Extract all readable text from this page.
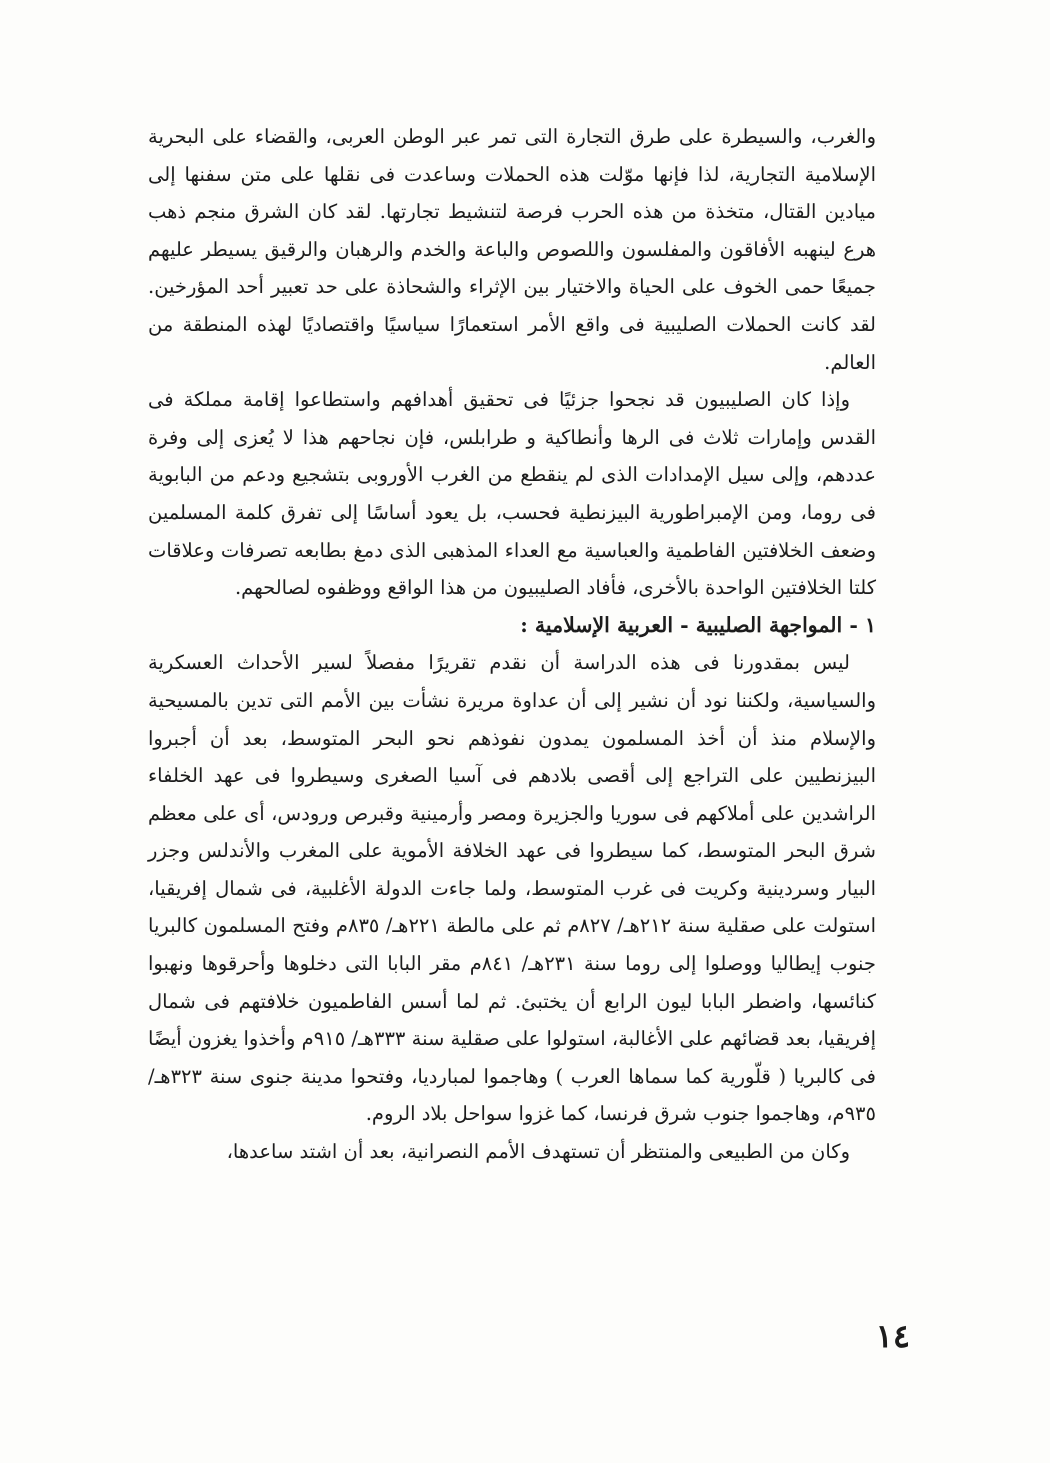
والغرب، والسيطرة على طرق التجارة التى تمر عبر الوطن العربى، والقضاء على البحرية الإسلامية التجارية، لذا فإنها موّلت هذه الحملات وساعدت فى نقلها على متن سفنها إلى ميادين القتال، متخذة من هذه الحرب فرصة لتنشيط تجارتها. لقد كان الشرق منجم ذهب هرع لينهبه الأفاقون والمفلسون واللصوص والباعة والخدم والرهبان والرقيق يسيطر عليهم جميعًا حمى الخوف على الحياة والاختيار بين الإثراء والشحاذة على حد تعبير أحد المؤرخين. لقد كانت الحملات الصليبية فى واقع الأمر استعمارًا سياسيًا واقتصاديًا لهذه المنطقة من العالم.

وإذا كان الصليبيون قد نجحوا جزئيًا فى تحقيق أهدافهم واستطاعوا إقامة مملكة فى القدس وإمارات ثلاث فى الرها وأنطاكية و طرابلس، فإن نجاحهم هذا لا يُعزى إلى وفرة عددهم، وإلى سيل الإمدادات الذى لم ينقطع من الغرب الأوروبى بتشجيع ودعم من البابوية فى روما، ومن الإمبراطورية البيزنطية فحسب، بل يعود أساسًا إلى تفرق كلمة المسلمين وضعف الخلافتين الفاطمية والعباسية مع العداء المذهبى الذى دمغ بطابعه تصرفات وعلاقات كلتا الخلافتين الواحدة بالأخرى، فأفاد الصليبيون من هذا الواقع ووظفوه لصالحهم.

١ - المواجهة الصليبية - العربية الإسلامية :

ليس بمقدورنا فى هذه الدراسة أن نقدم تقريرًا مفصلاً لسير الأحداث العسكرية والسياسية، ولكننا نود أن نشير إلى أن عداوة مريرة نشأت بين الأمم التى تدين بالمسيحية والإسلام منذ أن أخذ المسلمون يمدون نفوذهم نحو البحر المتوسط، بعد أن أجبروا البيزنطيين على التراجع إلى أقصى بلادهم فى آسيا الصغرى وسيطروا فى عهد الخلفاء الراشدين على أملاكهم فى سوريا والجزيرة ومصر وأرمينية وقبرص ورودس، أى على معظم شرق البحر المتوسط، كما سيطروا فى عهد الخلافة الأموية على المغرب والأندلس وجزر البيار وسردينية وكريت فى غرب المتوسط، ولما جاءت الدولة الأغلبية، فى شمال إفريقيا، استولت على صقلية سنة ٢١٢هـ/ ٨٢٧م ثم على مالطة ٢٢١هـ/ ٨٣٥م وفتح المسلمون كالبريا جنوب إيطاليا ووصلوا إلى روما سنة ٢٣١هـ/ ٨٤١م مقر البابا التى دخلوها وأحرقوها ونهبوا كنائسها، واضطر البابا ليون الرابع أن يختبئ. ثم لما أسس الفاطميون خلافتهم فى شمال إفريقيا، بعد قضائهم على الأغالبة، استولوا على صقلية سنة ٣٣٣هـ/ ٩١٥م وأخذوا يغزون أيضًا فى كالبريا ( قلّورية كما سماها العرب ) وهاجموا لمبارديا، وفتحوا مدينة جنوى سنة ٣٢٣هـ/ ٩٣٥م، وهاجموا جنوب شرق فرنسا، كما غزوا سواحل بلاد الروم.

وكان من الطبيعى والمنتظر أن تستهدف الأمم النصرانية، بعد أن اشتد ساعدها،

١٤
